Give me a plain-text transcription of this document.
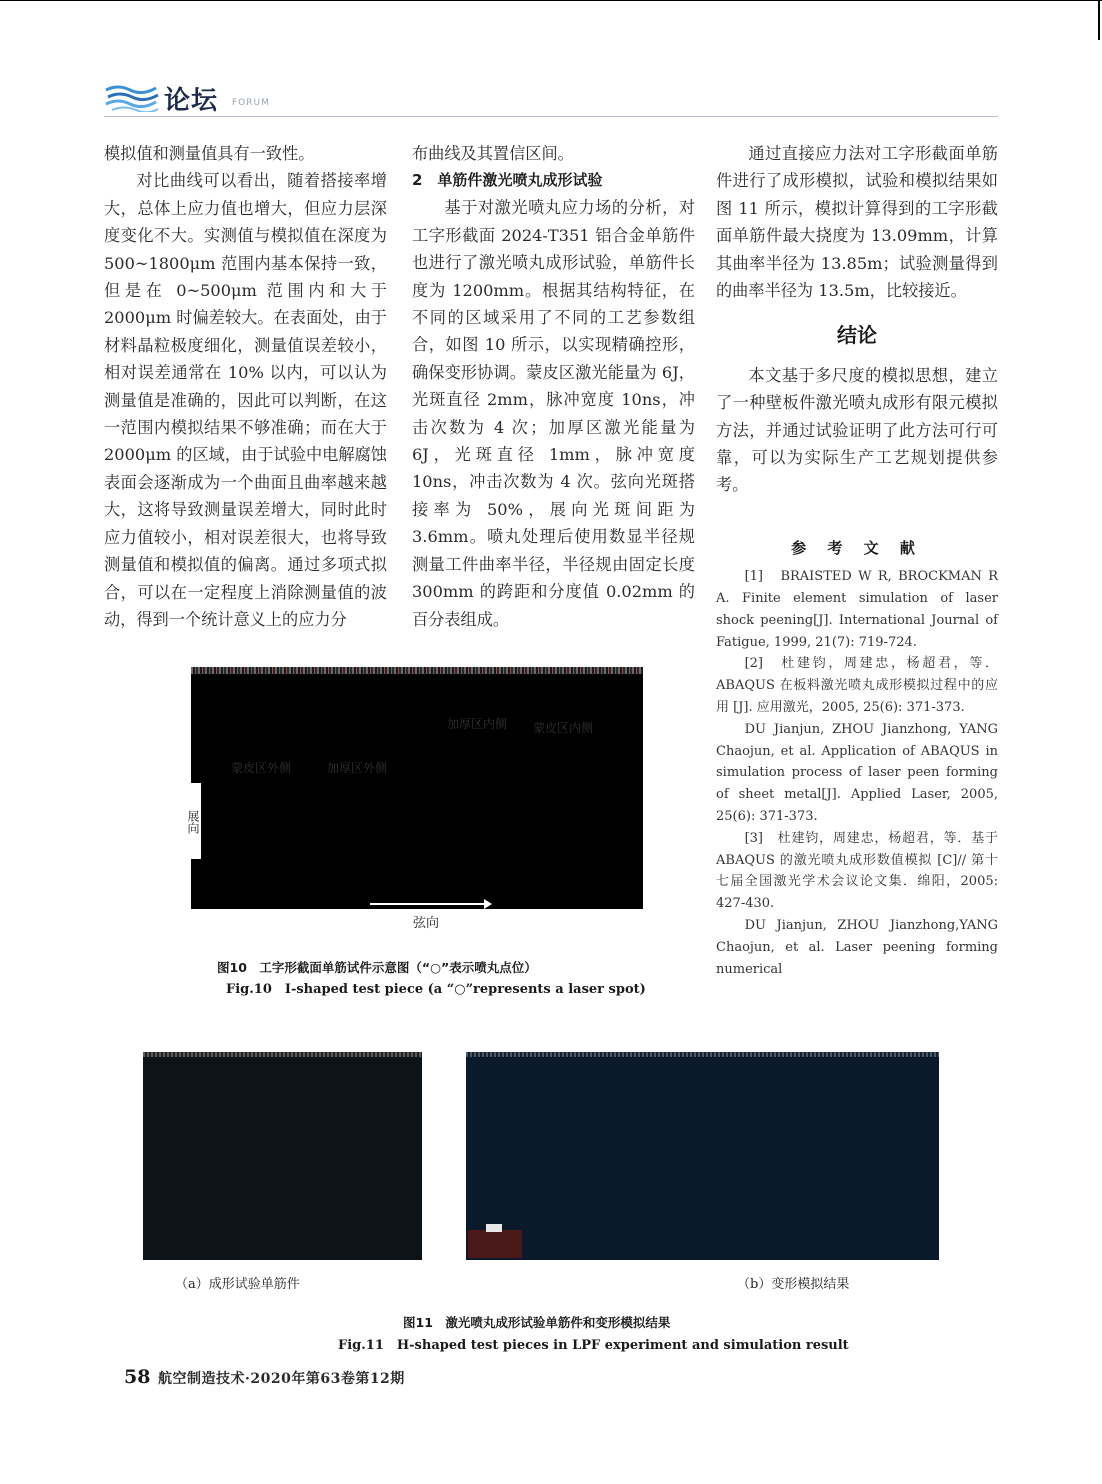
论坛 FORUM

模拟值和测量值具有一致性。

对比曲线可以看出，随着搭接率增大，总体上应力值也增大，但应力层深度变化不大。实测值与模拟值在深度为 500~1800μm 范围内基本保持一致，但是在 0~500μm 范围内和大于 2000μm 时偏差较大。在表面处，由于材料晶粒极度细化，测量值误差较小，相对误差通常在 10% 以内，可以认为测量值是准确的，因此可以判断，在这一范围内模拟结果不够准确；而在大于 2000μm 的区域，由于试验中电解腐蚀表面会逐渐成为一个曲面且曲率越来越大，这将导致测量误差增大，同时此时应力值较小，相对误差很大，也将导致测量值和模拟值的偏离。通过多项式拟合，可以在一定程度上消除测量值的波动，得到一个统计意义上的应力分

布曲线及其置信区间。

2　单筋件激光喷丸成形试验

基于对激光喷丸应力场的分析，对工字形截面 2024-T351 铝合金单筋件也进行了激光喷丸成形试验，单筋件长度为 1200mm。根据其结构特征，在不同的区域采用了不同的工艺参数组合，如图 10 所示，以实现精确控形，确保变形协调。蒙皮区激光能量为 6J，光斑直径 2mm，脉冲宽度 10ns，冲击次数为 4 次；加厚区激光能量为 6J，光斑直径 1mm，脉冲宽度 10ns，冲击次数为 4 次。弦向光斑搭接率为 50%，展向光斑间距为 3.6mm。喷丸处理后使用数显半径规测量工件曲率半径，半径规由固定长度 300mm 的跨距和分度值 0.02mm 的百分表组成。

通过直接应力法对工字形截面单筋件进行了成形模拟，试验和模拟结果如图 11 所示，模拟计算得到的工字形截面单筋件最大挠度为 13.09mm，计算其曲率半径为 13.85m；试验测量得到的曲率半径为 13.5m，比较接近。

结论

本文基于多尺度的模拟思想，建立了一种壁板件激光喷丸成形有限元模拟方法，并通过试验证明了此方法可行可靠，可以为实际生产工艺规划提供参考。

参 考 文 献

[1]　BRAISTED W R, BROCKMAN R A. Finite element simulation of laser shock peening[J]. International Journal of Fatigue, 1999, 21(7): 719-724.

[2]　杜建钧，周建忠，杨超君，等．ABAQUS 在板料激光喷丸成形模拟过程中的应用 [J]. 应用激光，2005, 25(6): 371-373.

DU Jianjun, ZHOU Jianzhong, YANG Chaojun, et al. Application of ABAQUS in simulation process of laser peen forming of sheet metal[J]. Applied Laser, 2005, 25(6): 371-373.

[3]　杜建钧，周建忠，杨超君，等．基于 ABAQUS 的激光喷丸成形数值模拟 [C]// 第十七届全国激光学术会议论文集．绵阳，2005: 427-430.

DU Jianjun, ZHOU Jianzhong,YANG Chaojun, et al. Laser peening forming numerical

蒙皮区外侧	加厚区外侧
加厚区内侧 蒙皮区内侧
展向
弦向
图10　工字形截面单筋试件示意图（“○”表示喷丸点位）
Fig.10　I-shaped test piece (a “○”represents a laser spot)
（a）成形试验单筋件	（b）变形模拟结果
图11　激光喷丸成形试验单筋件和变形模拟结果
Fig.11　H-shaped test pieces in LPF experiment and simulation result
58 航空制造技术·2020年第63卷第12期
